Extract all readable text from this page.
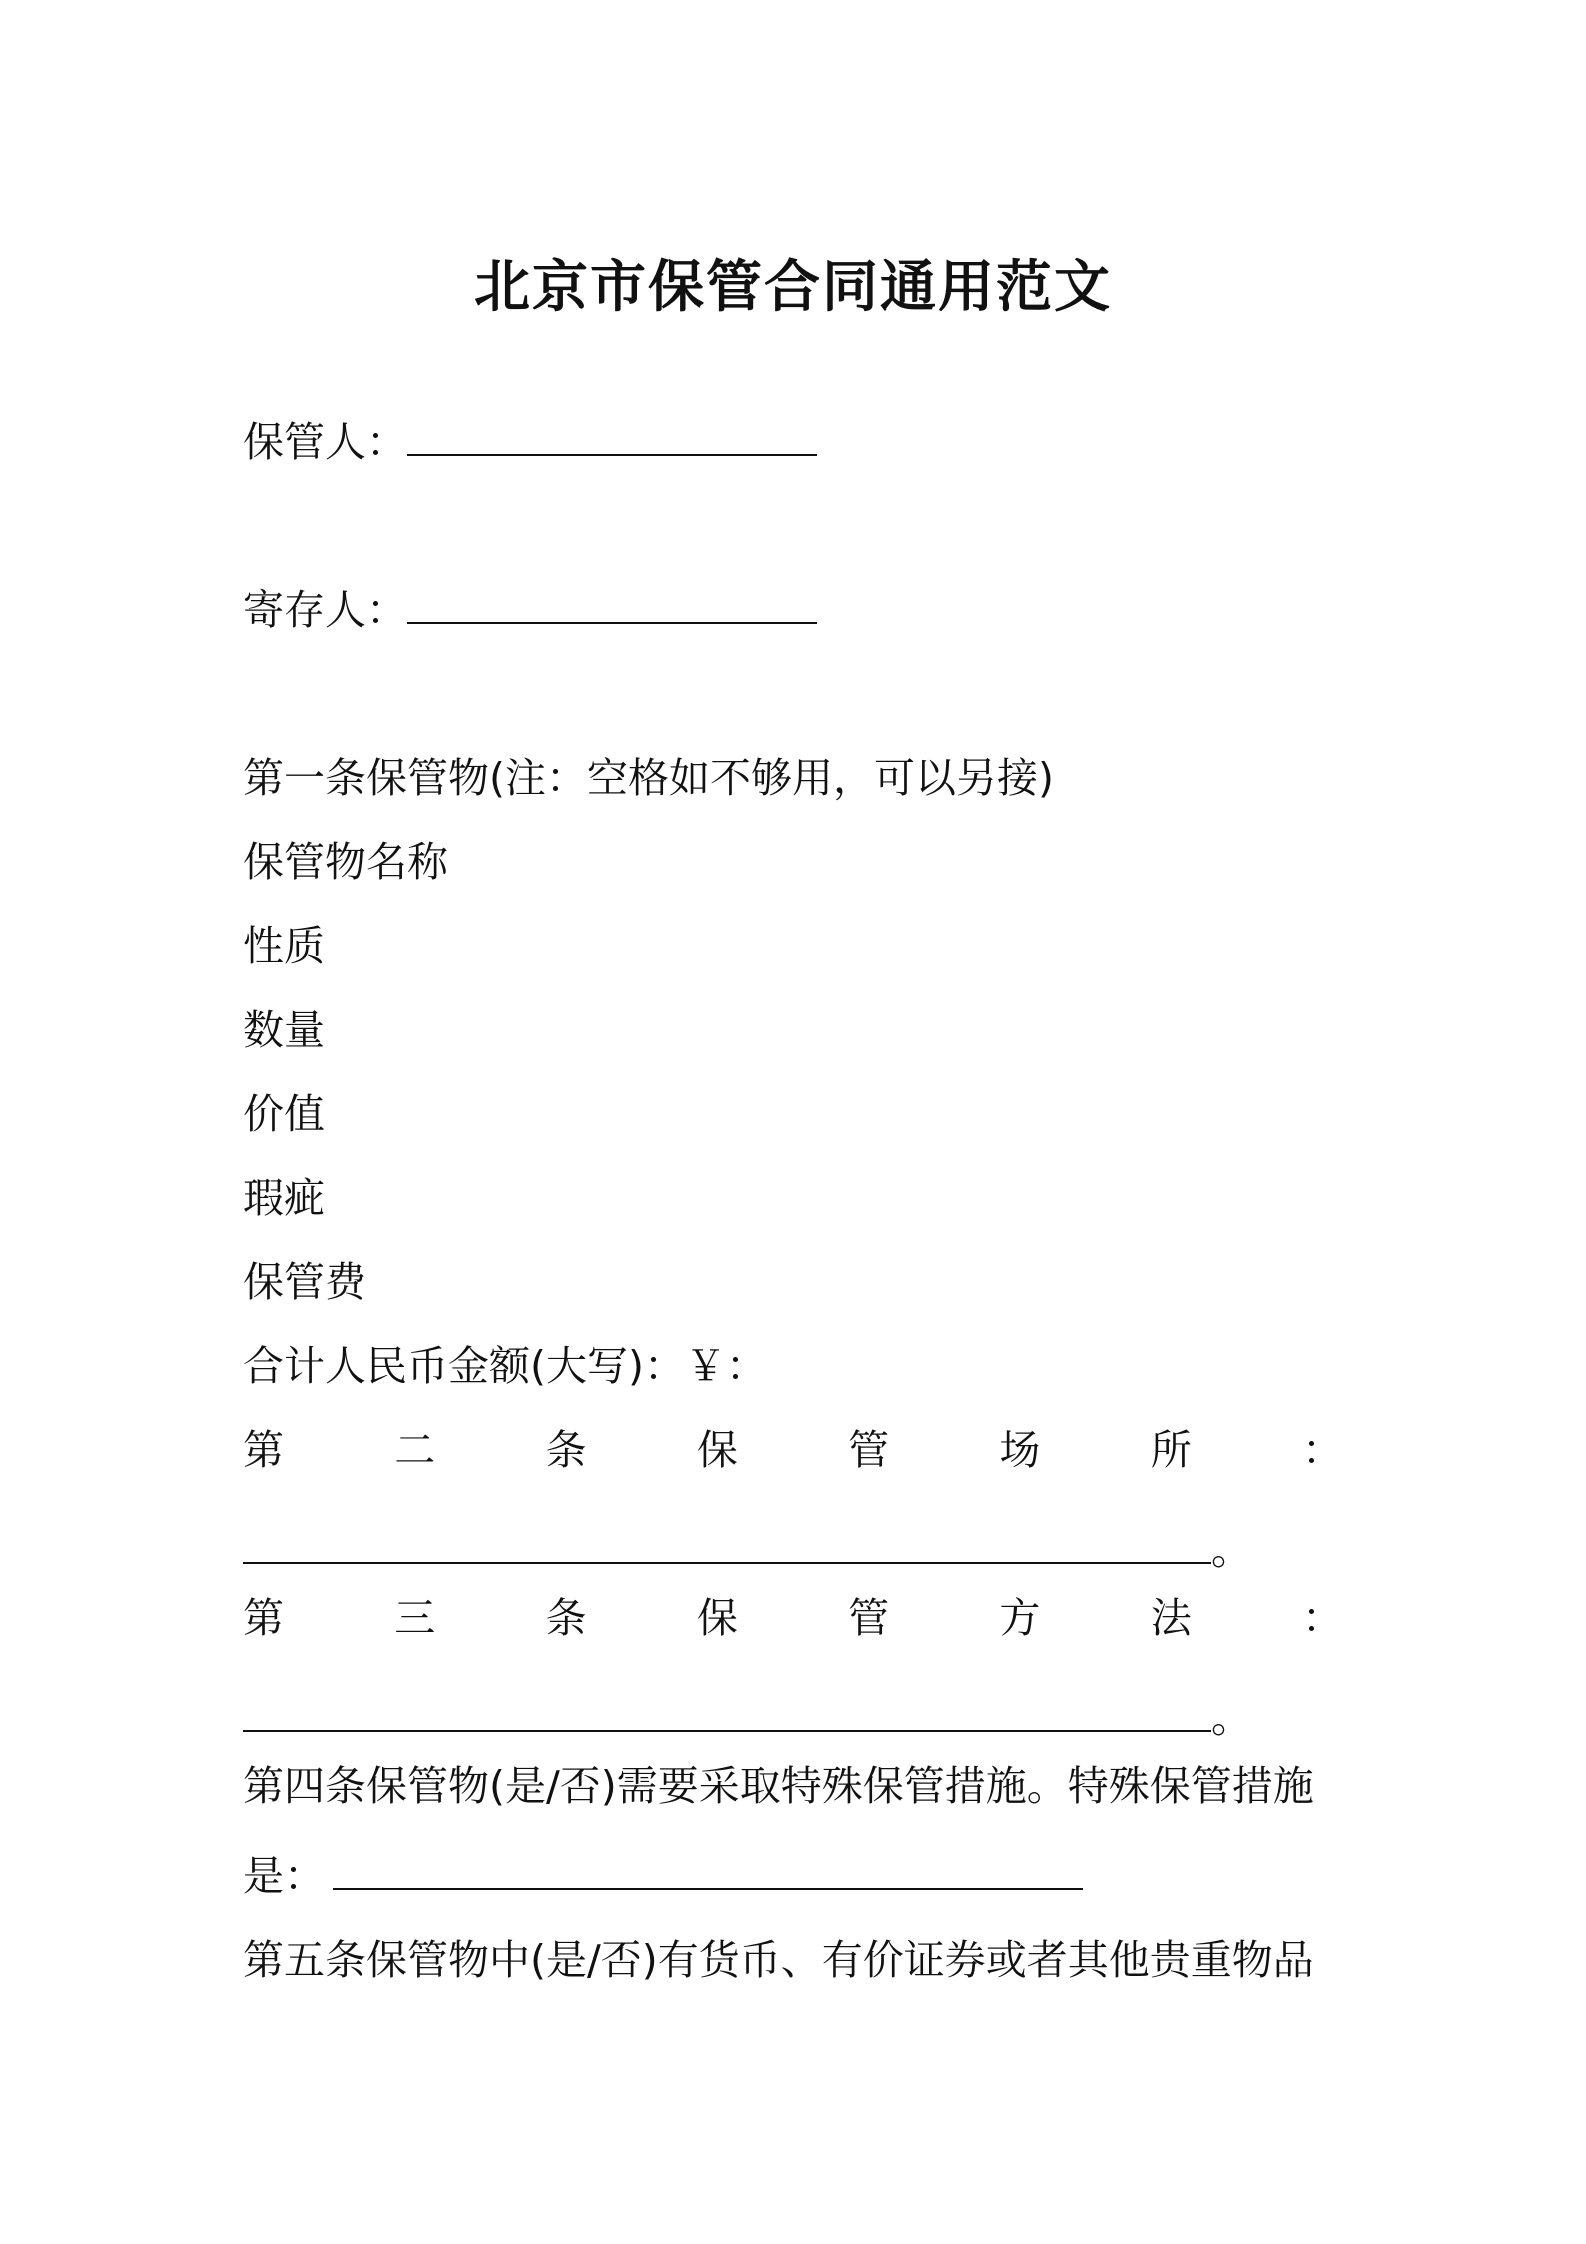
北京市保管合同通用范文
保管人：
寄存人：
第一条保管物(注：空格如不够用，可以另接)
保管物名称
性质
数量
价值
瑕疵
保管费
合计人民币金额(大写)：￥：
第	二	条	保	管	场	所	：
。
第	三	条	保	管	方	法	：
。
第四条保管物(是/否)需要采取特殊保管措施。特殊保管措施
是：
第五条保管物中(是/否)有货币、有价证券或者其他贵重物品
